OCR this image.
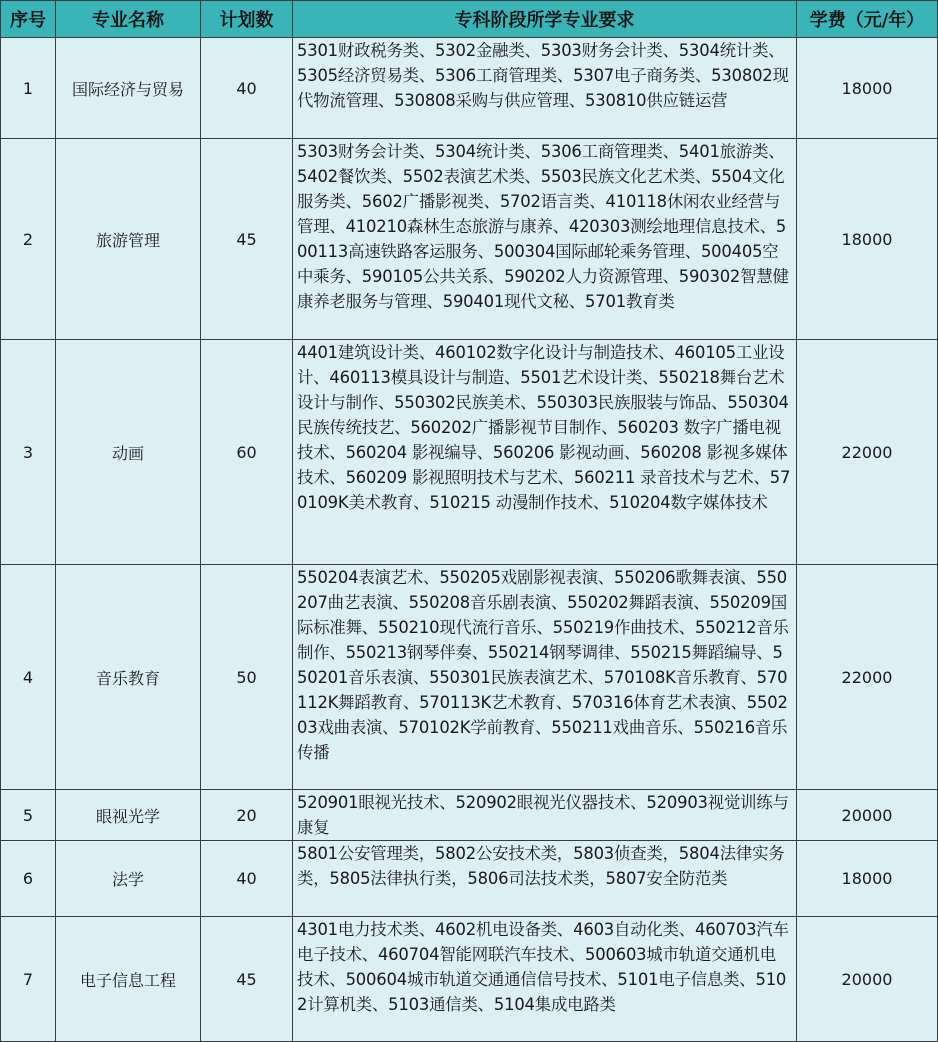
序号	专业名称	计划数	专科阶段所学专业要求	学费（元/年）
1	国际经济与贸易	40	5301财政税务类、5302金融类、5303财务会计类、5304统计类、5305经济贸易类、5306工商管理类、5307电子商务类、530802现代物流管理、530808采购与供应管理、530810供应链运营	18000
2	旅游管理	45	5303财务会计类、5304统计类、5306工商管理类、5401旅游类、5402餐饮类、5502表演艺术类、5503民族文化艺术类、5504文化服务类、5602广播影视类、5702语言类、410118休闲农业经营与管理、410210森林生态旅游与康养、420303测绘地理信息技术、500113高速铁路客运服务、500304国际邮轮乘务管理、500405空中乘务、590105公共关系、590202人力资源管理、590302智慧健康养老服务与管理、590401现代文秘、5701教育类	18000
3	动画	60	4401建筑设计类、460102数字化设计与制造技术、460105工业设计、460113模具设计与制造、5501艺术设计类、550218舞台艺术设计与制作、550302民族美术、550303民族服装与饰品、550304民族传统技艺、560202广播影视节目制作、560203 数字广播电视技术、560204 影视编导、560206 影视动画、560208 影视多媒体技术、560209 影视照明技术与艺术、560211 录音技术与艺术、570109K美术教育、510215 动漫制作技术、510204数字媒体技术	22000
4	音乐教育	50	550204表演艺术、550205戏剧影视表演、550206歌舞表演、550207曲艺表演、550208音乐剧表演、550202舞蹈表演、550209国际标准舞、550210现代流行音乐、550219作曲技术、550212音乐制作、550213钢琴伴奏、550214钢琴调律、550215舞蹈编导、550201音乐表演、550301民族表演艺术、570108K音乐教育、570112K舞蹈教育、570113K艺术教育、570316体育艺术表演、550203戏曲表演、570102K学前教育、550211戏曲音乐、550216音乐传播	22000
5	眼视光学	20	520901眼视光技术、520902眼视光仪器技术、520903视觉训练与康复	20000
6	法学	40	5801公安管理类，5802公安技术类，5803侦查类，5804法律实务类，5805法律执行类，5806司法技术类，5807安全防范类	18000
7	电子信息工程	45	4301电力技术类、4602机电设备类、4603自动化类、460703汽车电子技术、460704智能网联汽车技术、500603城市轨道交通机电技术、500604城市轨道交通通信信号技术、5101电子信息类、5102计算机类、5103通信类、5104集成电路类	20000
